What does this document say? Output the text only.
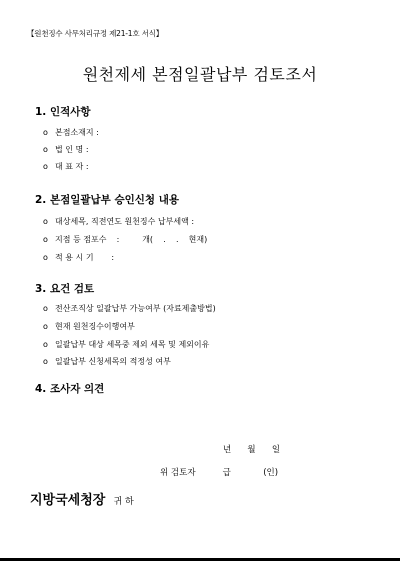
【원천징수 사무처리규정 제21-1호 서식】
원천제세 본점일괄납부 검토조서
1. 인적사항
o 본점소재지 :
o 법 인 명 :
o 대 표 자 :
2. 본점일괄납부 승인신청 내용
o 대상세목, 직전연도 원천징수 납부세액 :
o 지점 등 점포수    :         개(    .    .    현재)
o 적 용 시 기       :
3. 요건 검토
o 전산조직상 일괄납부 가능여부 (자료제출방법)
o 현재 원천징수이행여부
o 일괄납부 대상 세목중 제외 세목 및 제외이유
o 일괄납부 신청세목의 적정성 여부
4. 조사자 의견
년      월      일
위 검토자          급            (인)
지방국세청장 귀 하
